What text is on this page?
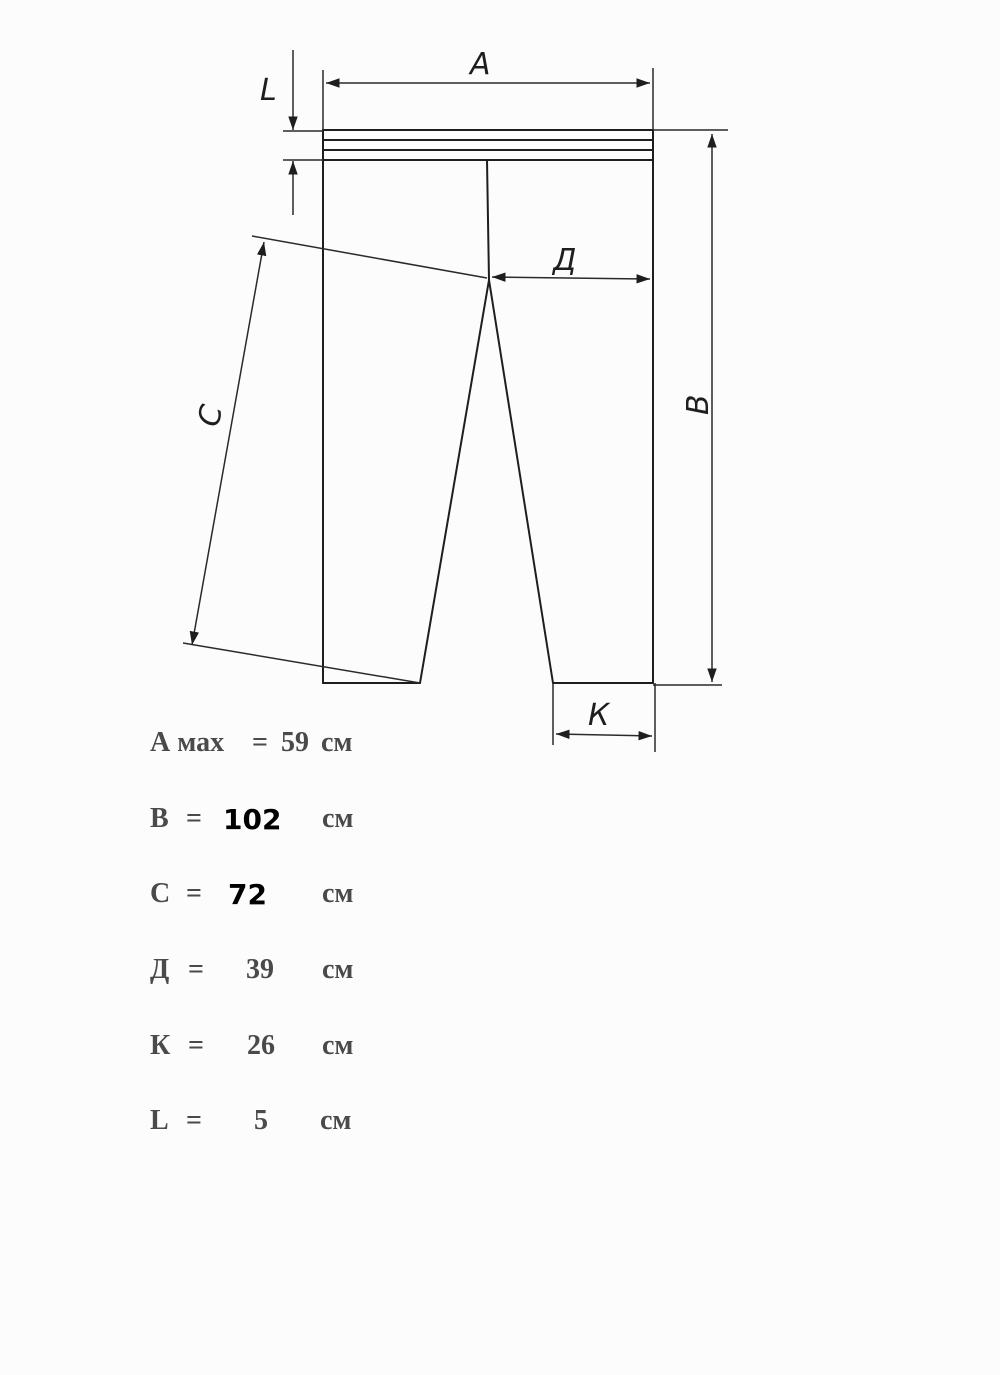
A
L
B
Д
C
К
А мах = 59 см
В = 102 см
С = 72 см
Д = 39 см
К = 26 см
L = 5 см
